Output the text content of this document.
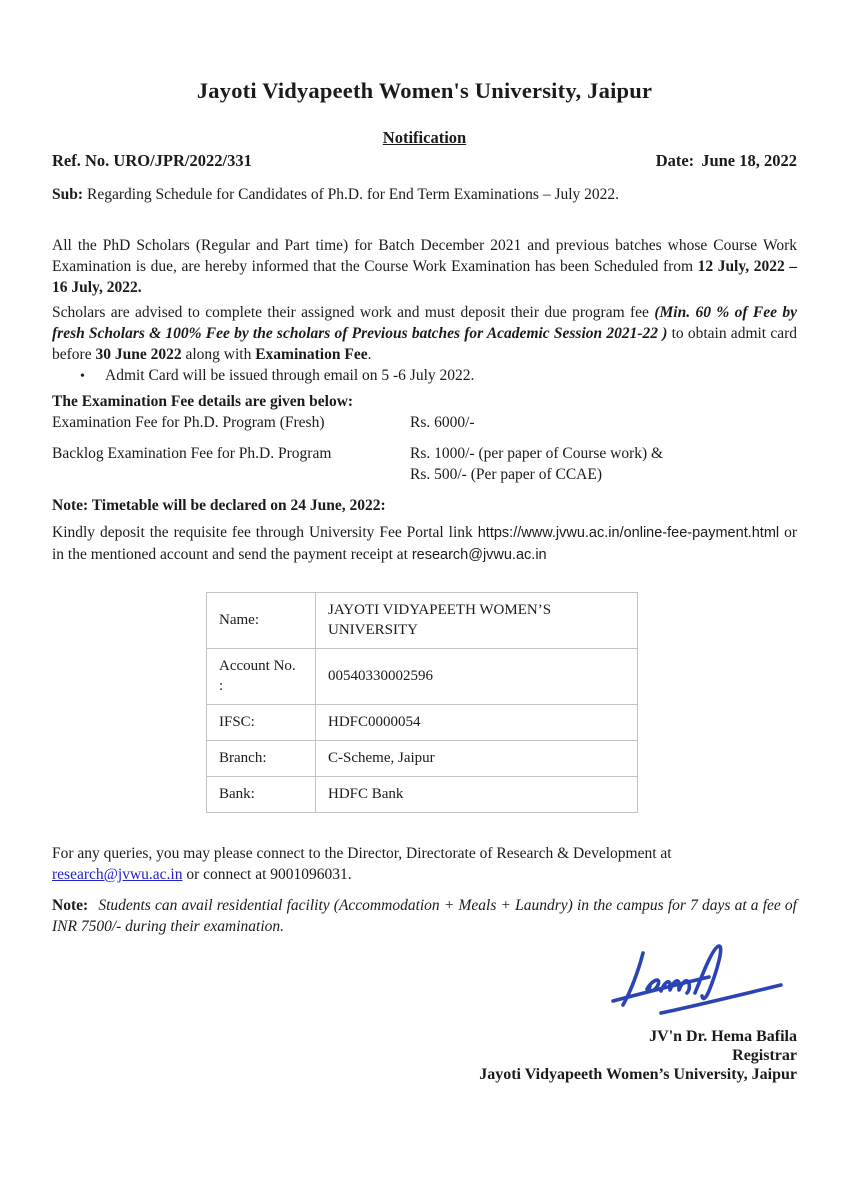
Jayoti Vidyapeeth Women's University, Jaipur
Notification
Ref. No. URO/JPR/2022/331	Date: June 18, 2022
Sub: Regarding Schedule for Candidates of Ph.D. for End Term Examinations – July 2022.

All the PhD Scholars (Regular and Part time) for Batch December 2021 and previous batches whose Course Work Examination is due, are hereby informed that the Course Work Examination has been Scheduled from 12 July, 2022 – 16 July, 2022.

Scholars are advised to complete their assigned work and must deposit their due program fee (Min. 60 % of Fee by fresh Scholars & 100% Fee by the scholars of Previous batches for Academic Session 2021-22 ) to obtain admit card before 30 June 2022 along with Examination Fee.

• Admit Card will be issued through email on 5 -6 July 2022.
The Examination Fee details are given below:
Examination Fee for Ph.D. Program (Fresh)	Rs. 6000/-
Backlog Examination Fee for Ph.D. Program	Rs. 1000/- (per paper of Course work) &
Rs. 500/- (Per paper of CCAE)
Note: Timetable will be declared on 24 June, 2022:

Kindly deposit the requisite fee through University Fee Portal link https://www.jvwu.ac.in/online-fee-payment.html or in the mentioned account and send the payment receipt at research@jvwu.ac.in

Name:	JAYOTI VIDYAPEETH WOMEN’S UNIVERSITY
Account No. :	00540330002596
IFSC:	HDFC0000054
Branch:	C-Scheme, Jaipur
Bank:	HDFC Bank

For any queries, you may please connect to the Director, Directorate of Research & Development at research@jvwu.ac.in or connect at 9001096031.

Note: Students can avail residential facility (Accommodation + Meals + Laundry) in the campus for 7 days at a fee of INR 7500/- during their examination.

JV'n Dr. Hema Bafila
Registrar
Jayoti Vidyapeeth Women’s University, Jaipur
